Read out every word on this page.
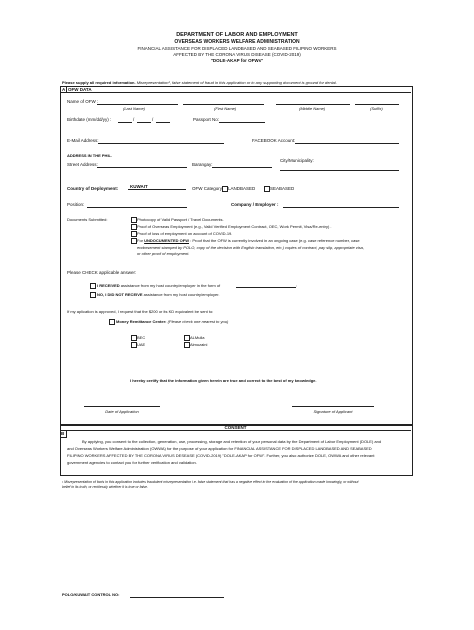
DEPARTMENT OF LABOR AND EMPLOYMENT
OVERSEAS WORKERS WELFARE ADMINISTRATION
FINANCIAL ASSISTANCE FOR DISPLACED LANDBASED AND SEABASED FILIPINO WORKERS
AFFECTED BY THE CORONA VIRUS DISEASE (COVID-2019)
"DOLE-AKAP for OFWs"
Please supply all required information. Misrepresentation¹, false statement of fraud in this application or in any supporting document is ground for denial.
A OFW DATA
Name of OFW :
(Last Name)	(First Name)	(Middle Name)	(Suffix)
Birthdate (mm/dd/yy) :	/	/	Passport No:
E-Mail Address:	FACEBOOK Account:
ADDRESS IN THE PHIL.
Street Address:	Barangay:
City/Municipality:
Country of Deployment:	KUWAIT	OFW Category LANDBASED	SEABASED
Position:	Company / Employer :
Documents Submitted:	Photocopy of Valid Passport / Travel Documents.
Proof of Overseas Employment (e.g., Valid Verified Employment Contract, OEC, Work Permit, Visa/Re-entry) .
Proof of loss of employment on account of COVID-19.
For UNDOCUMENTED OFW : Proof that the OFW is currently involved in an ongoing case (e.g. case reference number, case
endorsement stamped by POLO, copy of the decision with English translation, etc.) copies of contract, pay slip, appropriate visa,
or other proof of employment.
Please CHECK applicable answer:
I RECEIVED assistance from my host country/employer in the form of	:
NO, I DID NOT RECEIVE assistance from my host country/employer.
If my aplication is approved, I request that the $200 or its KD equivalent be sent to:
Money Remittance Center: (Please check one nearest to you)
BEC
UAE
ALMulla
Almuzaini
I hereby certify that the information given herein are true and correct to the best of my knowledge.
Date of Application	Signature of Applicant
CONSENT
B
By applying, you consent to the collection, generation, use, processing, storage and retention of your personal data by the Department of Labor Employment (DOLE) and
and Overseas Workers Welfare Administration (OWWA) for the purpose of your application for FINANCIAL ASSISTANCE FOR DISPLACED LANDBASED AND SEABASED
FILIPINO WORKERS AFFECTED BY THE CORONA VIRUS DESEASE (COVID-2019) "DOLE-AKAP for OFW". Further, you also authorize DOLE, OWWA and other relevant
government agencies to contact you for further verification and validation.
¹ Misrepresentation of facts in this application includes fraudulent misrepresentation i.e. false statement that has a negative effect in the evaluation of the application made knowingly, or without
belief in its truth, or recklessly whether it is true or false.
POLO/KUWAIT CONTROL NO:
